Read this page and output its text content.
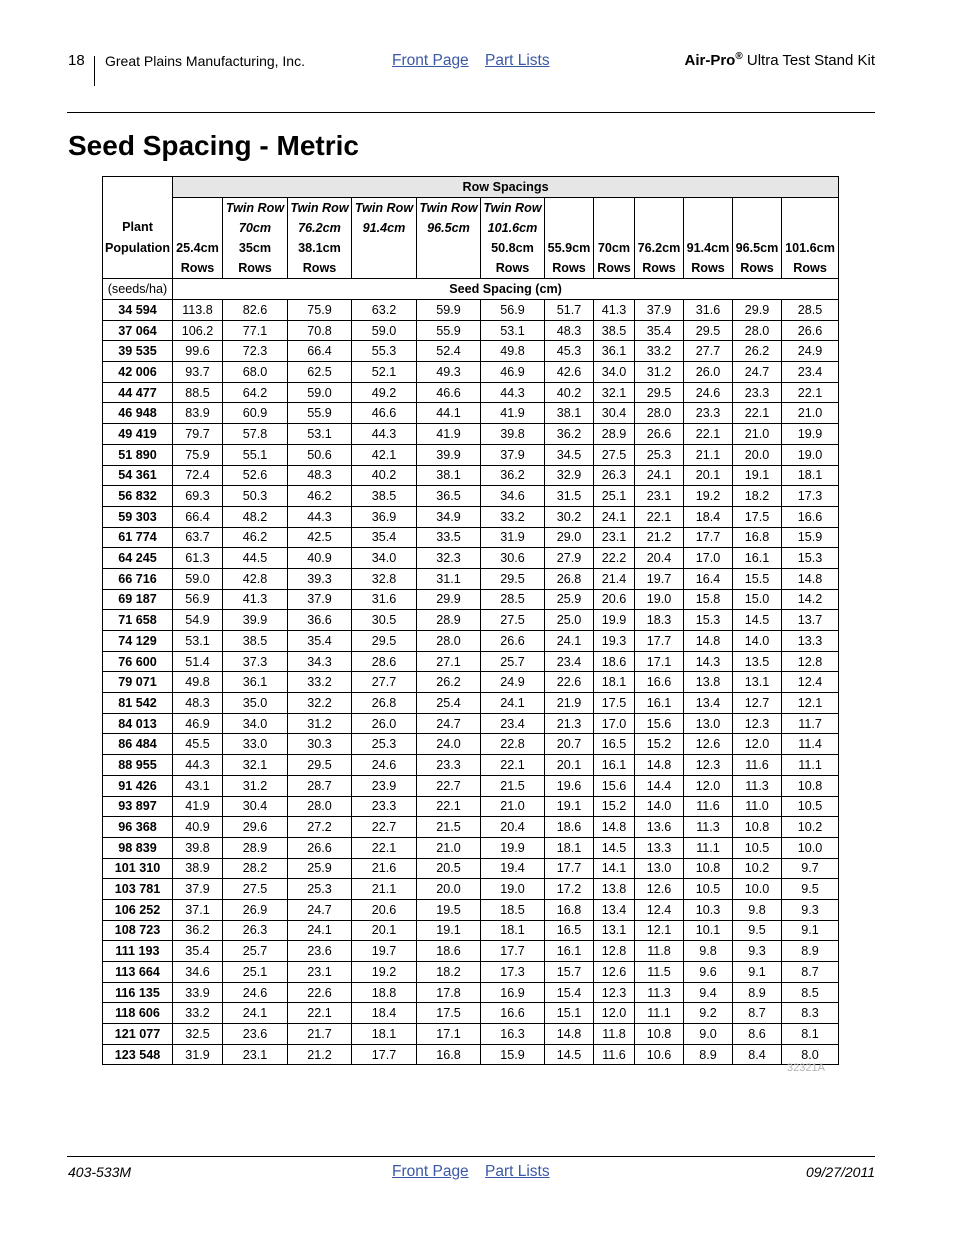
18 Great Plains Manufacturing, Inc.	Front Page Part Lists	Air-Pro® Ultra Test Stand Kit
Seed Spacing - Metric
Plant
Population	Row Spacings											
		Twin Row	Twin Row	Twin Row	Twin Row	Twin Row						
		70cm	76.2cm	91.4cm	96.5cm	101.6cm						
	25.4cm	35cm	38.1cm			50.8cm	55.9cm	70cm	76.2cm	91.4cm	96.5cm	101.6cm
	Rows	Rows	Rows			Rows	Rows	Rows	Rows	Rows	Rows	Rows
(seeds/ha)	Seed Spacing (cm)											
34 594	113.8	82.6	75.9	63.2	59.9	56.9	51.7	41.3	37.9	31.6	29.9	28.5
37 064	106.2	77.1	70.8	59.0	55.9	53.1	48.3	38.5	35.4	29.5	28.0	26.6
39 535	99.6	72.3	66.4	55.3	52.4	49.8	45.3	36.1	33.2	27.7	26.2	24.9
42 006	93.7	68.0	62.5	52.1	49.3	46.9	42.6	34.0	31.2	26.0	24.7	23.4
44 477	88.5	64.2	59.0	49.2	46.6	44.3	40.2	32.1	29.5	24.6	23.3	22.1
46 948	83.9	60.9	55.9	46.6	44.1	41.9	38.1	30.4	28.0	23.3	22.1	21.0
49 419	79.7	57.8	53.1	44.3	41.9	39.8	36.2	28.9	26.6	22.1	21.0	19.9
51 890	75.9	55.1	50.6	42.1	39.9	37.9	34.5	27.5	25.3	21.1	20.0	19.0
54 361	72.4	52.6	48.3	40.2	38.1	36.2	32.9	26.3	24.1	20.1	19.1	18.1
56 832	69.3	50.3	46.2	38.5	36.5	34.6	31.5	25.1	23.1	19.2	18.2	17.3
59 303	66.4	48.2	44.3	36.9	34.9	33.2	30.2	24.1	22.1	18.4	17.5	16.6
61 774	63.7	46.2	42.5	35.4	33.5	31.9	29.0	23.1	21.2	17.7	16.8	15.9
64 245	61.3	44.5	40.9	34.0	32.3	30.6	27.9	22.2	20.4	17.0	16.1	15.3
66 716	59.0	42.8	39.3	32.8	31.1	29.5	26.8	21.4	19.7	16.4	15.5	14.8
69 187	56.9	41.3	37.9	31.6	29.9	28.5	25.9	20.6	19.0	15.8	15.0	14.2
71 658	54.9	39.9	36.6	30.5	28.9	27.5	25.0	19.9	18.3	15.3	14.5	13.7
74 129	53.1	38.5	35.4	29.5	28.0	26.6	24.1	19.3	17.7	14.8	14.0	13.3
76 600	51.4	37.3	34.3	28.6	27.1	25.7	23.4	18.6	17.1	14.3	13.5	12.8
79 071	49.8	36.1	33.2	27.7	26.2	24.9	22.6	18.1	16.6	13.8	13.1	12.4
81 542	48.3	35.0	32.2	26.8	25.4	24.1	21.9	17.5	16.1	13.4	12.7	12.1
84 013	46.9	34.0	31.2	26.0	24.7	23.4	21.3	17.0	15.6	13.0	12.3	11.7
86 484	45.5	33.0	30.3	25.3	24.0	22.8	20.7	16.5	15.2	12.6	12.0	11.4
88 955	44.3	32.1	29.5	24.6	23.3	22.1	20.1	16.1	14.8	12.3	11.6	11.1
91 426	43.1	31.2	28.7	23.9	22.7	21.5	19.6	15.6	14.4	12.0	11.3	10.8
93 897	41.9	30.4	28.0	23.3	22.1	21.0	19.1	15.2	14.0	11.6	11.0	10.5
96 368	40.9	29.6	27.2	22.7	21.5	20.4	18.6	14.8	13.6	11.3	10.8	10.2
98 839	39.8	28.9	26.6	22.1	21.0	19.9	18.1	14.5	13.3	11.1	10.5	10.0
101 310	38.9	28.2	25.9	21.6	20.5	19.4	17.7	14.1	13.0	10.8	10.2	9.7
103 781	37.9	27.5	25.3	21.1	20.0	19.0	17.2	13.8	12.6	10.5	10.0	9.5
106 252	37.1	26.9	24.7	20.6	19.5	18.5	16.8	13.4	12.4	10.3	9.8	9.3
108 723	36.2	26.3	24.1	20.1	19.1	18.1	16.5	13.1	12.1	10.1	9.5	9.1
111 193	35.4	25.7	23.6	19.7	18.6	17.7	16.1	12.8	11.8	9.8	9.3	8.9
113 664	34.6	25.1	23.1	19.2	18.2	17.3	15.7	12.6	11.5	9.6	9.1	8.7
116 135	33.9	24.6	22.6	18.8	17.8	16.9	15.4	12.3	11.3	9.4	8.9	8.5
118 606	33.2	24.1	22.1	18.4	17.5	16.6	15.1	12.0	11.1	9.2	8.7	8.3
121 077	32.5	23.6	21.7	18.1	17.1	16.3	14.8	11.8	10.8	9.0	8.6	8.1
123 548	31.9	23.1	21.2	17.7	16.8	15.9	14.5	11.6	10.6	8.9	8.4	8.0
32321A
403-533M	Front Page Part Lists	09/27/2011
